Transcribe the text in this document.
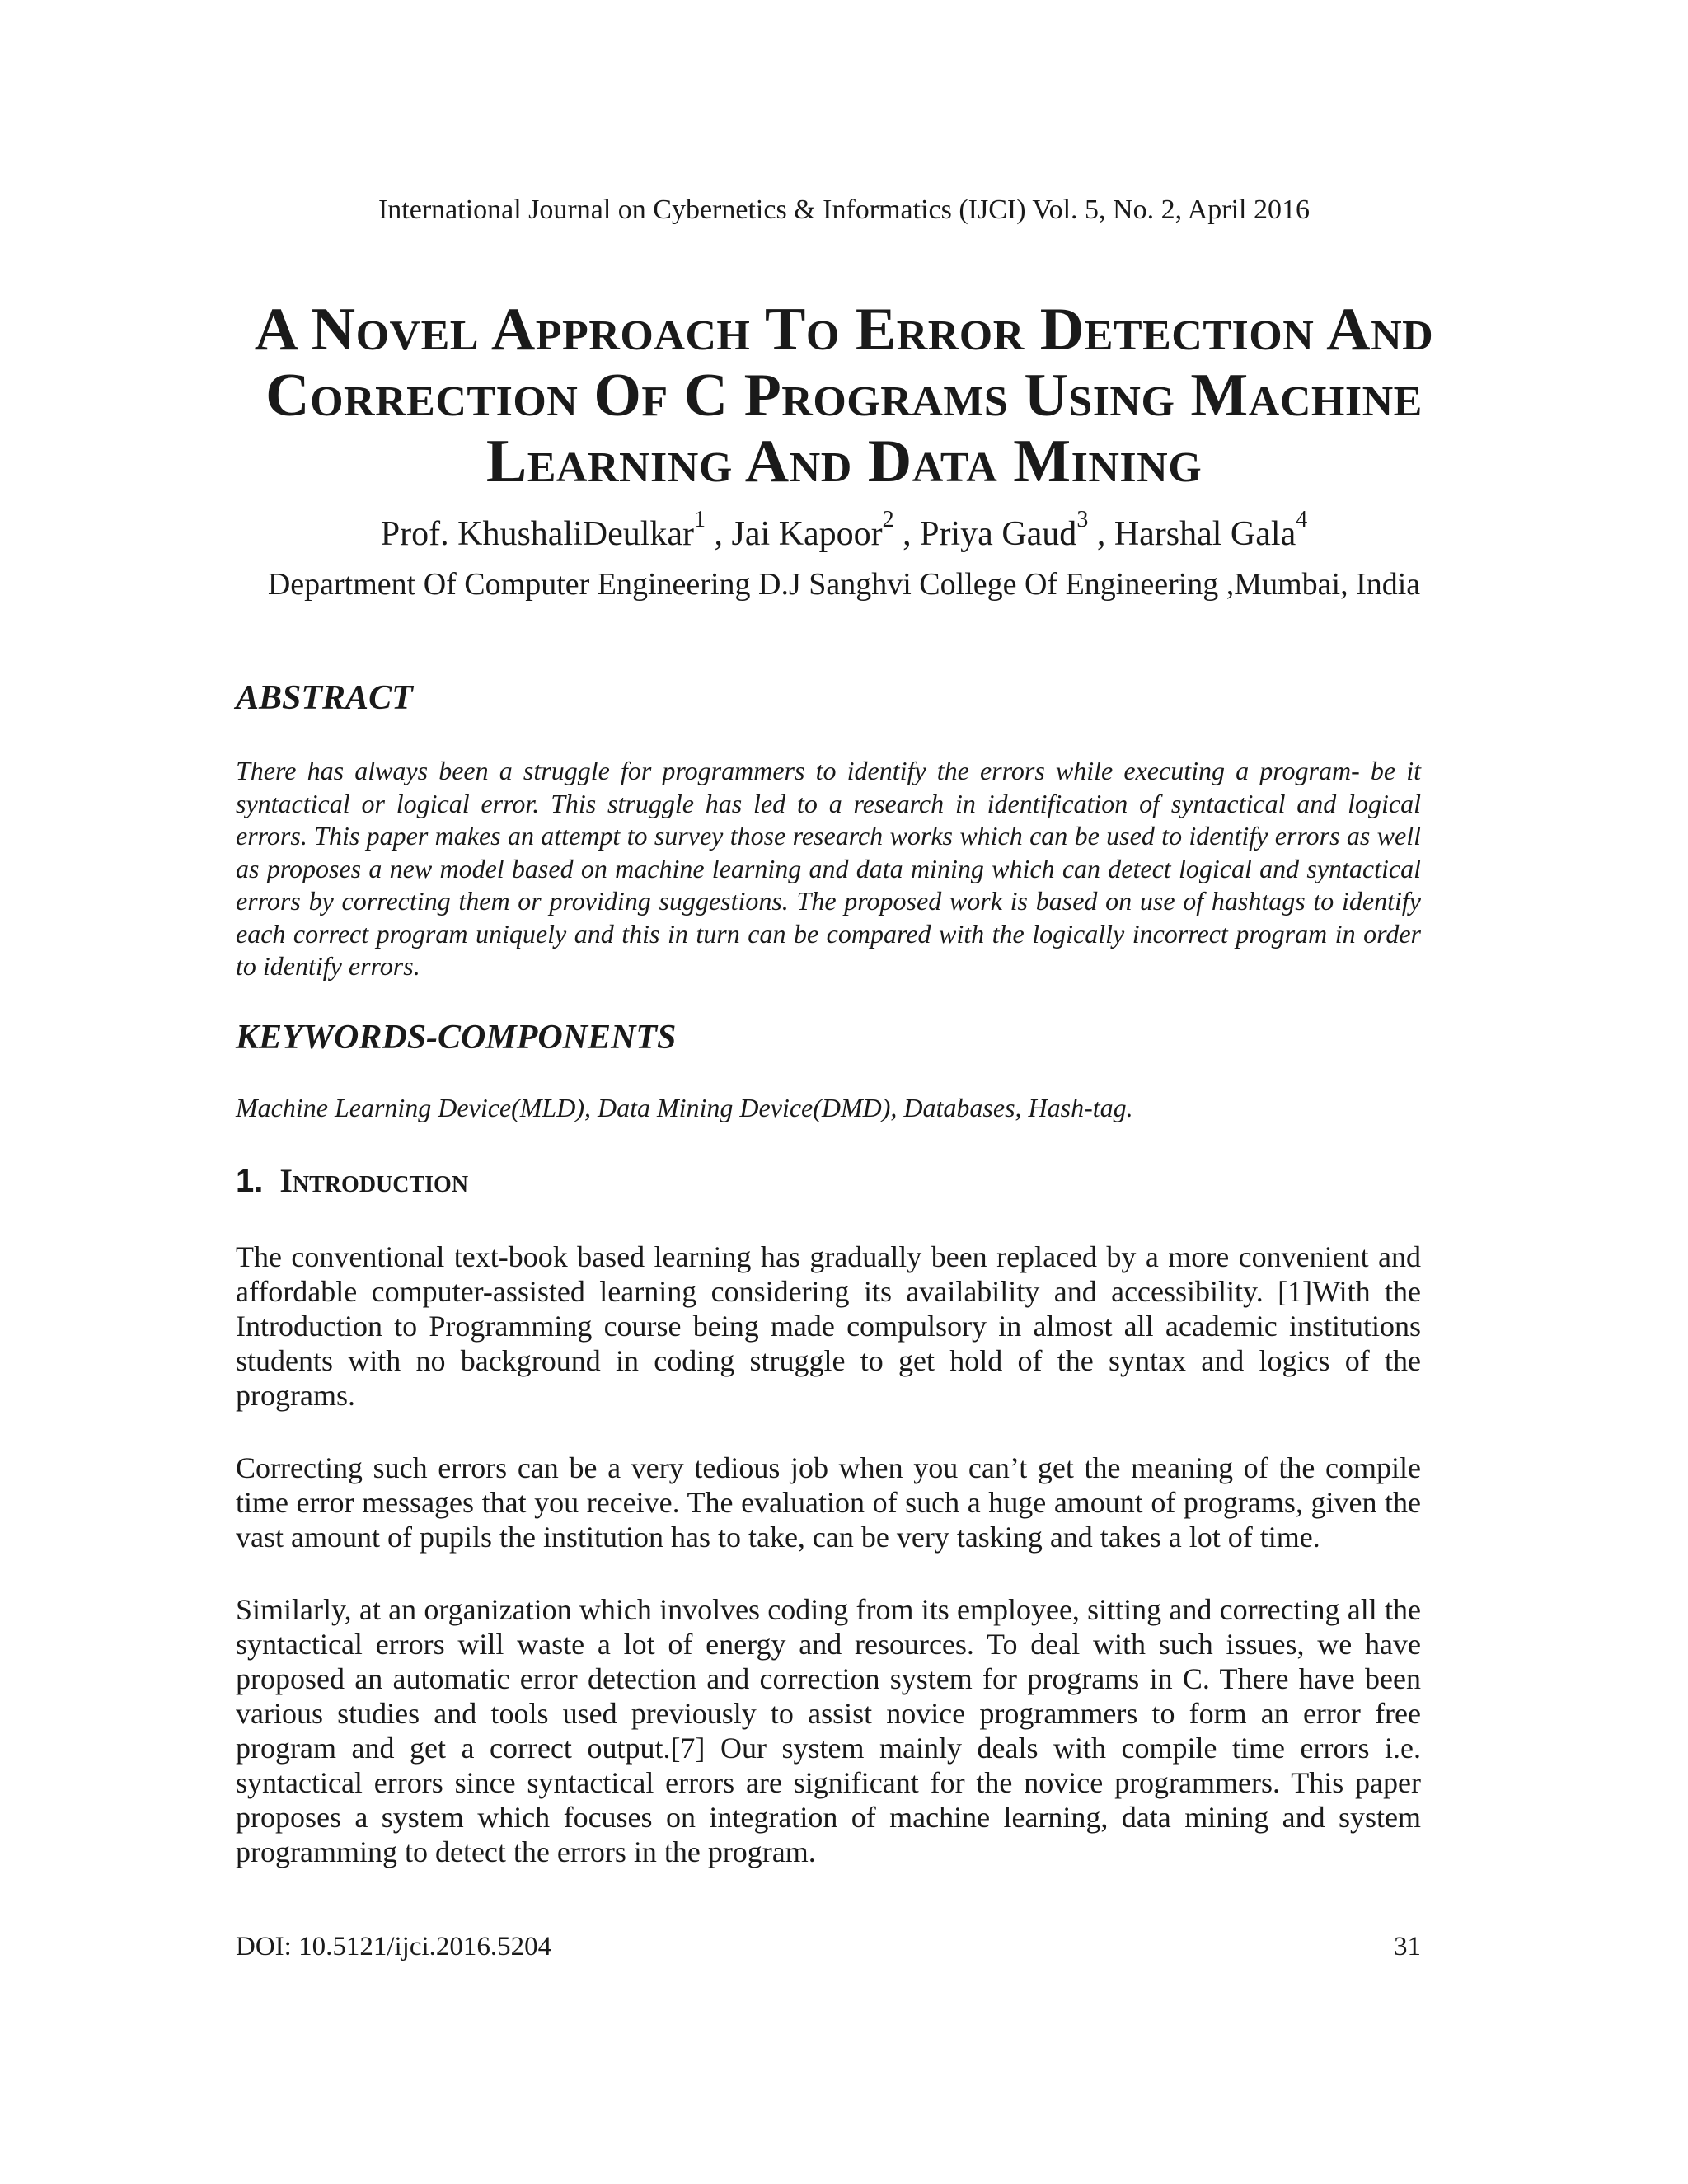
International Journal on Cybernetics & Informatics (IJCI) Vol. 5, No. 2, April 2016
A Novel Approach To Error Detection And
Correction Of C Programs Using Machine
Learning And Data Mining
Prof. KhushaliDeulkar$^1$ , Jai Kapoor$^2$ , Priya Gaud$^3$ , Harshal Gala$^4$
Department Of Computer Engineering D.J Sanghvi College Of Engineering ,Mumbai, India
ABSTRACT

There has always been a struggle for programmers to identify the errors while executing a program- be it syntactical or logical error. This struggle has led to a research in identification of syntactical and logical errors. This paper makes an attempt to survey those research works which can be used to identify errors as well as proposes a new model based on machine learning and data mining which can detect logical and syntactical errors by correcting them or providing suggestions. The proposed work is based on use of hashtags to identify each correct program uniquely and this in turn can be compared with the logically incorrect program in order to identify errors.

KEYWORDS-COMPONENTS

Machine Learning Device(MLD), Data Mining Device(DMD), Databases, Hash-tag.

1. Introduction

The conventional text-book based learning has gradually been replaced by a more convenient and affordable computer-assisted learning considering its availability and accessibility. [1]With the Introduction to Programming course being made compulsory in almost all academic institutions students with no background in coding struggle to get hold of the syntax and logics of the programs.

Correcting such errors can be a very tedious job when you can’t get the meaning of the compile time error messages that you receive. The evaluation of such a huge amount of programs, given the vast amount of pupils the institution has to take, can be very tasking and takes a lot of time.

Similarly, at an organization which involves coding from its employee, sitting and correcting all the syntactical errors will waste a lot of energy and resources. To deal with such issues, we have proposed an automatic error detection and correction system for programs in C. There have been various studies and tools used previously to assist novice programmers to form an error free program and get a correct output.[7] Our system mainly deals with compile time errors i.e. syntactical errors since syntactical errors are significant for the novice programmers. This paper proposes a system which focuses on integration of machine learning, data mining and system programming to detect the errors in the program.

DOI: 10.5121/ijci.2016.5204	31
